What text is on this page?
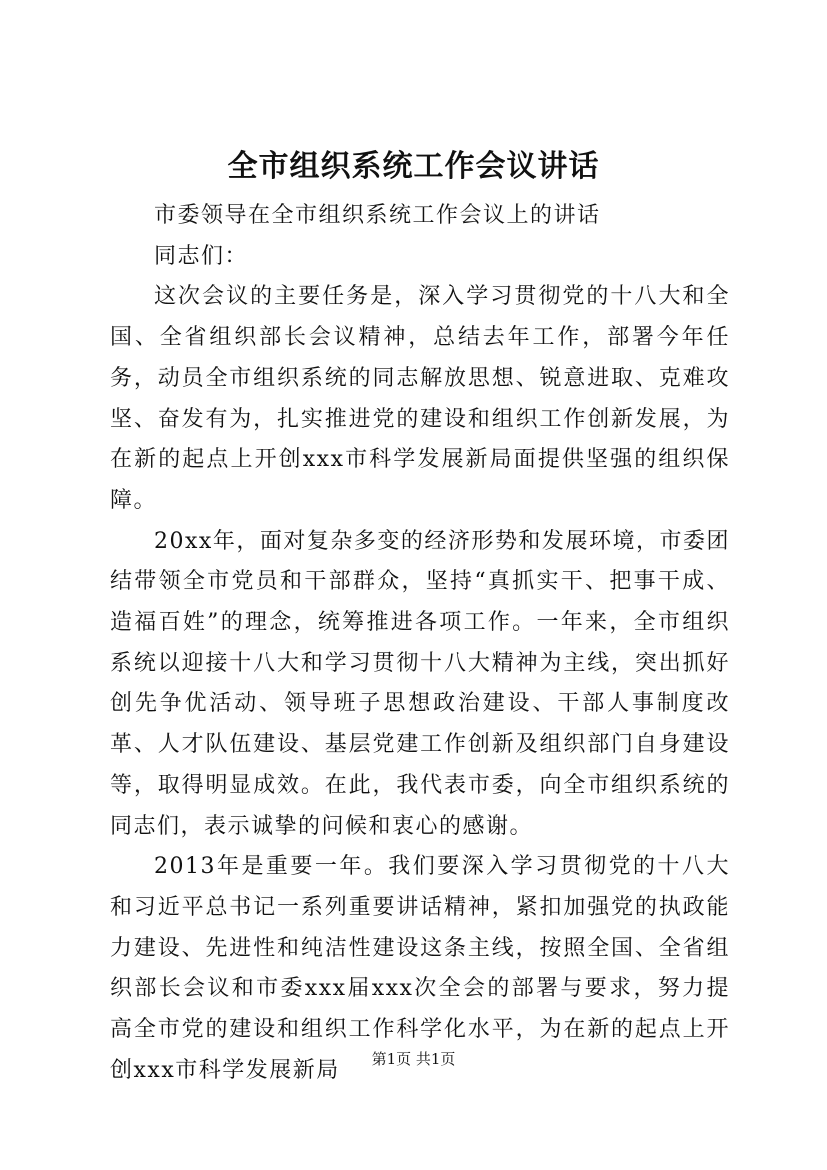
全市组织系统工作会议讲话

市委领导在全市组织系统工作会议上的讲话

同志们：

这次会议的主要任务是，深入学习贯彻党的十八大和全国、全省组织部长会议精神，总结去年工作，部署今年任务，动员全市组织系统的同志解放思想、锐意进取、克难攻坚、奋发有为，扎实推进党的建设和组织工作创新发展，为在新的起点上开创xxx市科学发展新局面提供坚强的组织保障。

20xx年，面对复杂多变的经济形势和发展环境，市委团结带领全市党员和干部群众，坚持“真抓实干、把事干成、造福百姓”的理念，统筹推进各项工作。一年来，全市组织系统以迎接十八大和学习贯彻十八大精神为主线，突出抓好创先争优活动、领导班子思想政治建设、干部人事制度改革、人才队伍建设、基层党建工作创新及组织部门自身建设等，取得明显成效。在此，我代表市委，向全市组织系统的同志们，表示诚挚的问候和衷心的感谢。

2013年是重要一年。我们要深入学习贯彻党的十八大和习近平总书记一系列重要讲话精神，紧扣加强党的执政能力建设、先进性和纯洁性建设这条主线，按照全国、全省组织部长会议和市委xxx届xxx次全会的部署与要求，努力提高全市党的建设和组织工作科学化水平，为在新的起点上开创xxx市科学发展新局	第1页 共1页
